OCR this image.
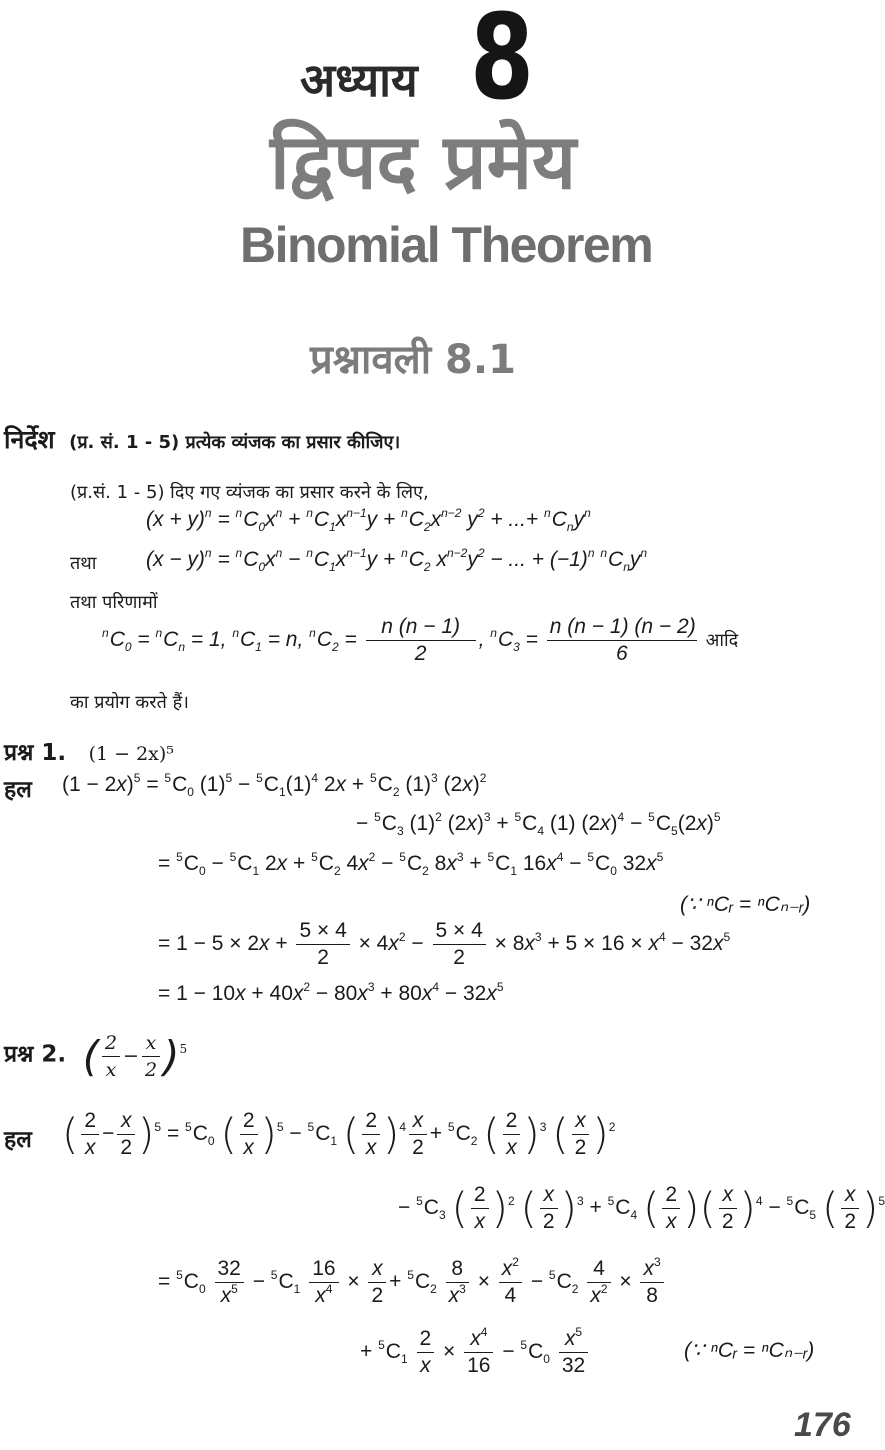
अध्याय 8
द्विपद प्रमेय
Binomial Theorem
प्रश्नावली 8.1
निर्देश (प्र. सं. 1 - 5) प्रत्येक व्यंजक का प्रसार कीजिए।
(प्र.सं. 1 - 5) दिए गए व्यंजक का प्रसार करने के लिए,
$(x + y)^n = ^nC_0x^n + ^nC_1x^{n-1}y + ^nC_2x^{n-2}$ $y^2$ + ...+ $^nC_ny^n$
तथा $(x - y)^n = ^nC_0x^n - ^nC_1x^{n-1}y + ^nC_2$ $x^{n-2}y^2$ − ... + $(-1)^n$ $^nC_ny^n$
तथा परिणामों
$^nC_0 = ^nC_n = 1$, $^nC_1 = n$, $^nC_2 = \frac{n (n - 1)}{2}$ , $^nC_3 = \frac{n (n - 1) (n - 2)}{6}$ आदि
का प्रयोग करते हैं।
प्रश्न 1. (1 − 2x)⁵
हल $(1 - 2x)^5 = ^5C_0$ $(1)^5 - ^5C_1(1)^4$ $2x + ^5C_2$ $(1)^3$ $(2x)^2$
− $^5C_3$ $(1)^2$ $(2x)^3 + ^5C_4$ (1) $(2x)^4 - ^5C_5(2x)^5$
= $^5C_0 - ^5C_1$ $2x + ^5C_2$ $4x^2 - ^5C_2$ $8x^3 + ^5C_1$ $16x^4 - ^5C_0$ $32x^5$
(∵ ⁿCᵣ = ⁿCₙ₋ᵣ)
= $1 - 5 \times 2x + \frac{5 \times 4}{2} \times 4x^2 - \frac{5 \times 4}{2} \times 8x^3 + 5 \times 16 \times x^4 - 32x^5$
= $1 - 10x + 40x^2 - 80x^3 + 80x^4 - 32x^5$
प्रश्न 2. ( $\frac{2}{x} - \frac{x}{2} )^5$
हल ( $\frac{2}{x} - \frac{x}{2} )^5 = ^5C_0$ ( $\frac{2}{x} )^5 - ^5C_1$ ( $\frac{2}{x} )^4 \frac{x}{2} + ^5C_2$ ( $\frac{2}{x} )^3$ ( $\frac{x}{2} )^2$
− $^5C_3$ ( $\frac{2}{x} )^2$ ( $\frac{x}{2} )^3 + ^5C_4$ ( $\frac{2}{x}$ )( $\frac{x}{2} )^4 - ^5C_5$ ( $\frac{x}{2} )^5$
= $^5C_0 \frac{32}{x^5} - ^5C_1 \frac{16}{x^4} \times \frac{x}{2} + ^5C_2 \frac{8}{x^3} \times \frac{x^2}{4} - ^5C_2 \frac{4}{x^2} \times \frac{x^3}{8}$
+ $^5C_1 \frac{2}{x} \times \frac{x^4}{16} - ^5C_0 \frac{x^5}{32}$	(∵ ⁿCᵣ = ⁿCₙ₋ᵣ)
176
